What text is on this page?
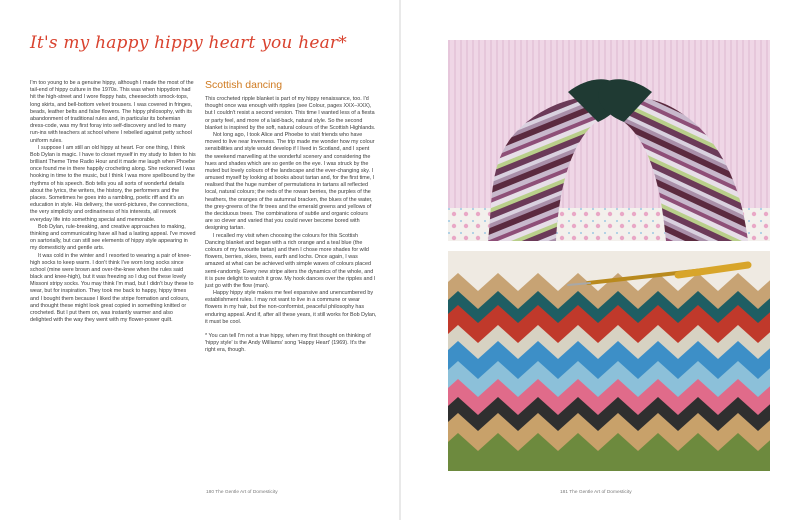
It's my happy hippy heart you hear*

I'm too young to be a genuine hippy, although I made the most of the tail-end of hippy culture in the 1970s. This was when hippydom had hit the high-street and I wore floppy hats, cheesecloth smock-tops, long skirts, and bell-bottom velvet trousers. I was covered in fringes, beads, leather belts and false flowers. The hippy philosophy, with its abandonment of traditional rules and, in particular its bohemian dress-code, was my first foray into self-discovery and led to many run-ins with teachers at school where I rebelled against petty school uniform rules.

I suppose I am still an old hippy at heart. For one thing, I think Bob Dylan is magic. I have to closet myself in my study to listen to his brilliant Theme Time Radio Hour and it made me laugh when Phoebe once found me in there happily crocheting along. She reckoned I was hooking in time to the music, but I think I was more spellbound by the rhythms of his speech. Bob tells you all sorts of wonderful details about the lyrics, the writers, the history, the performers and the places. Sometimes he goes into a rambling, poetic riff and it's an education in style. His delivery, the word-pictures, the connections, the very simplicity and ordinariness of his interests, all rework everyday life into something special and memorable.

Bob Dylan, rule-breaking, and creative approaches to making, thinking and communicating have all had a lasting appeal. I've moved on sartorially, but can still see elements of hippy style appearing in my domesticity and gentle arts.

It was cold in the winter and I resorted to wearing a pair of knee-high socks to keep warm. I don't think I've worn long socks since school (mine were brown and over-the-knee when the rules said black and knee-high), but it was freezing so I dug out these lovely Missoni stripy socks. You may think I'm mad, but I didn't buy these to wear, but for inspiration. They took me back to happy, hippy times and I bought them because I liked the stripe formation and colours, and thought these might look great copied in something knitted or crocheted. But I put them on, was instantly warmer and also delighted with the way they went with my flower-power quilt.

Scottish dancing

This crocheted ripple blanket is part of my hippy renaissance, too. I'd thought once was enough with ripples (see Colour, pages XXX–XXX), but I couldn't resist a second version. This time I wanted less of a fiesta or party feel, and more of a laid-back, natural style. So the second blanket is inspired by the soft, natural colours of the Scottish Highlands.

Not long ago, I took Alice and Phoebe to visit friends who have moved to live near Inverness. The trip made me wonder how my colour sensibilities and style would develop if I lived in Scotland, and I spent the weekend marvelling at the wonderful scenery and considering the hues and shades which are so gentle on the eye. I was struck by the muted but lovely colours of the landscape and the ever-changing sky. I amused myself by looking at books about tartan and, for the first time, I realised that the huge number of permutations in tartans all reflected local, natural colours; the reds of the rowan berries, the purples of the heathers, the oranges of the autumnal bracken, the blues of the water, the grey-greens of the fir trees and the emerald greens and yellows of the deciduous trees. The combinations of subtle and organic colours are so clever and varied that you could never become bored with designing tartan.

I recalled my visit when choosing the colours for this Scottish Dancing blanket and began with a rich orange and a teal blue (the colours of my favourite tartan) and then I chose more shades for wild flowers, berries, skies, trees, earth and lochs. Once again, I was amazed at what can be achieved with simple waves of colours placed semi-randomly. Every new stripe alters the dynamics of the whole, and it is pure delight to watch it grow. My hook dances over the ripples and I just go with the flow (man).

Happy hippy style makes me feel expansive and unencumbered by establishment rules. I may not want to live in a commune or wear flowers in my hair, but the non-conformist, peaceful philosophy has enduring appeal. And if, after all these years, it still works for Bob Dylan, it must be cool.

* You can tell I'm not a true hippy, when my first thought on thinking of 'hippy style' is the Andy Williams' song 'Happy Heart' (1969). It's the right era, though.

180 The Gentle Art of Domesticity	181 The Gentle Art of Domesticity
